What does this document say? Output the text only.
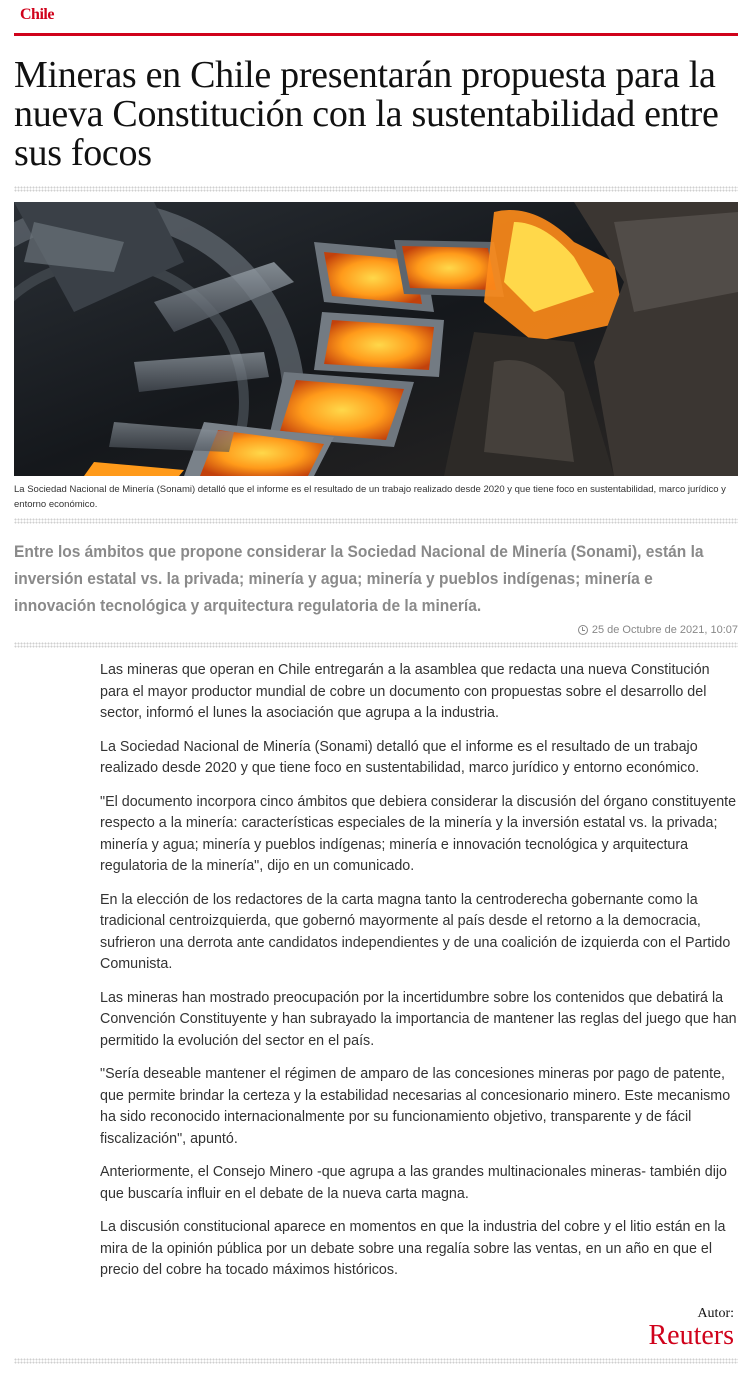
Chile
Mineras en Chile presentarán propuesta para la nueva Constitución con la sustentabilidad entre sus focos

La Sociedad Nacional de Minería (Sonami) detalló que el informe es el resultado de un trabajo realizado desde 2020 y que tiene foco en sustentabilidad, marco jurídico y entorno económico.

Entre los ámbitos que propone considerar la Sociedad Nacional de Minería (Sonami), están la inversión estatal vs. la privada; minería y agua; minería y pueblos indígenas; minería e innovación tecnológica y arquitectura regulatoria de la minería.

25 de Octubre de 2021, 10:07

Las mineras que operan en Chile entregarán a la asamblea que redacta una nueva Constitución para el mayor productor mundial de cobre un documento con propuestas sobre el desarrollo del sector, informó el lunes la asociación que agrupa a la industria.

La Sociedad Nacional de Minería (Sonami) detalló que el informe es el resultado de un trabajo realizado desde 2020 y que tiene foco en sustentabilidad, marco jurídico y entorno económico.

"El documento incorpora cinco ámbitos que debiera considerar la discusión del órgano constituyente respecto a la minería: características especiales de la minería y la inversión estatal vs. la privada; minería y agua; minería y pueblos indígenas; minería e innovación tecnológica y arquitectura regulatoria de la minería", dijo en un comunicado.

En la elección de los redactores de la carta magna tanto la centroderecha gobernante como la tradicional centroizquierda, que gobernó mayormente al país desde el retorno a la democracia, sufrieron una derrota ante candidatos independientes y de una coalición de izquierda con el Partido Comunista.

Las mineras han mostrado preocupación por la incertidumbre sobre los contenidos que debatirá la Convención Constituyente y han subrayado la importancia de mantener las reglas del juego que han permitido la evolución del sector en el país.

"Sería deseable mantener el régimen de amparo de las concesiones mineras por pago de patente, que permite brindar la certeza y la estabilidad necesarias al concesionario minero. Este mecanismo ha sido reconocido internacionalmente por su funcionamiento objetivo, transparente y de fácil fiscalización", apuntó.

Anteriormente, el Consejo Minero -que agrupa a las grandes multinacionales mineras- también dijo que buscaría influir en el debate de la nueva carta magna.

La discusión constitucional aparece en momentos en que la industria del cobre y el litio están en la mira de la opinión pública por un debate sobre una regalía sobre las ventas, en un año en que el precio del cobre ha tocado máximos históricos.

Autor:
Reuters
